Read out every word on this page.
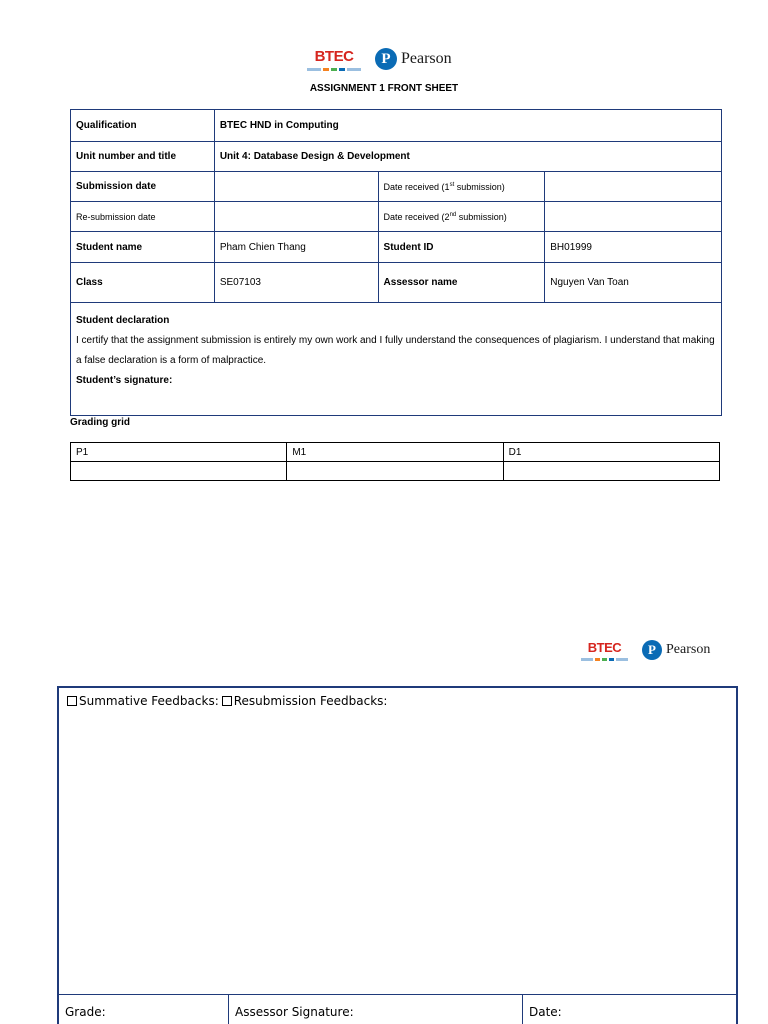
BTEC	P Pearson
ASSIGNMENT 1 FRONT SHEET
Qualification	BTEC HND in Computing		
Unit number and title	Unit 4: Database Design & Development		
Submission date		Date received (1st submission)	
Re-submission date		Date received (2nd submission)	
Student name	Pham Chien Thang	Student ID	BH01999
Class	SE07103	Assessor name	Nguyen Van Toan

Student declaration
I certify that the assignment submission is entirely my own work and I fully understand the consequences of plagiarism. I understand that making a false declaration is a form of malpractice.
Student’s signature:			
Grading grid
P1	M1	D1

BTEC	P Pearson
Summative Feedbacks: Resubmission Feedbacks:
Grade:	Assessor Signature:	Date:
